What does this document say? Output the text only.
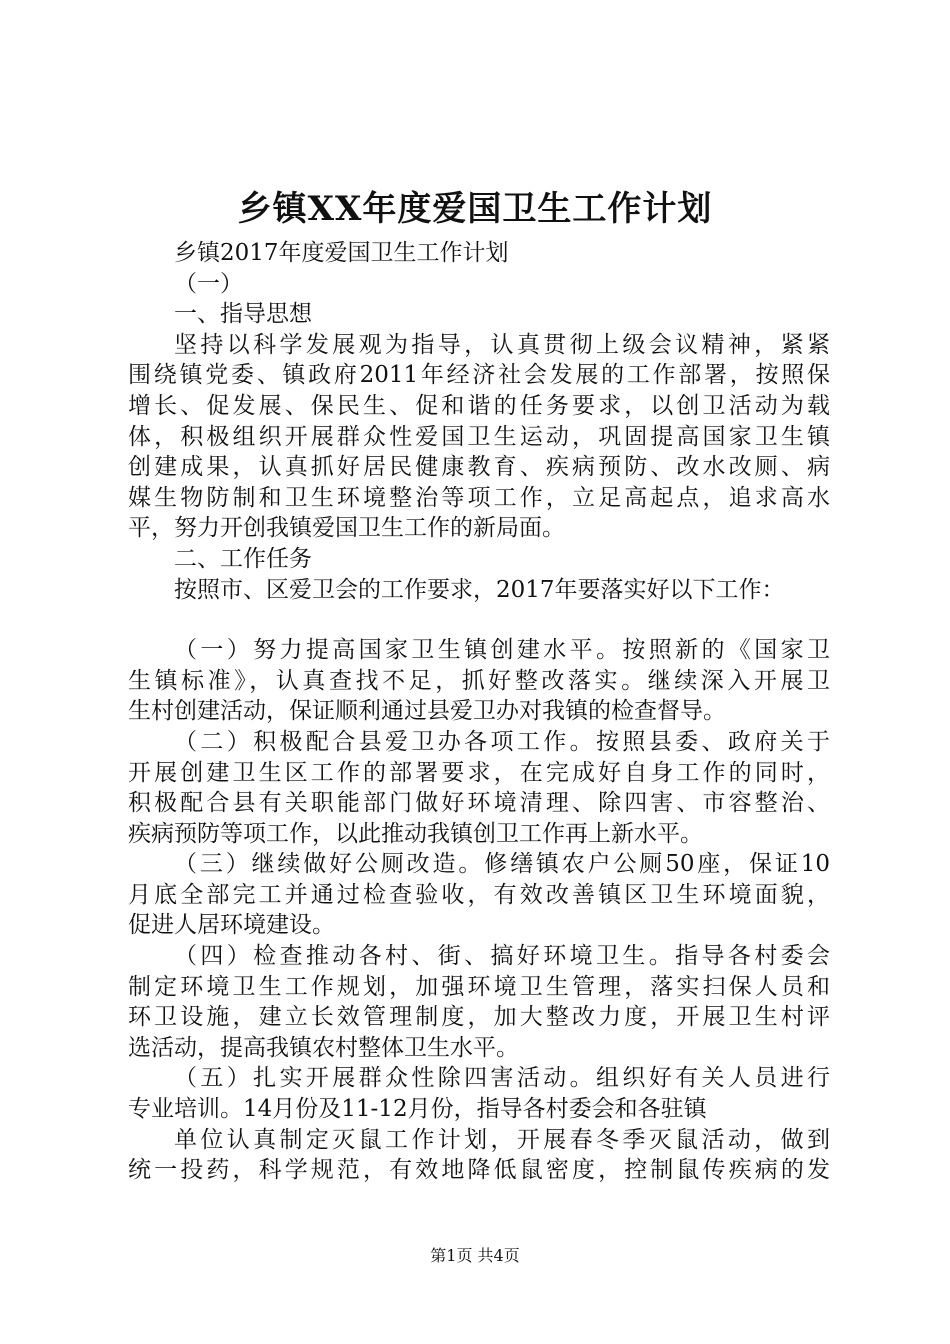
乡镇XX年度爱国卫生工作计划
乡镇2017年度爱国卫生工作计划
（一）
一、指导思想
坚持以科学发展观为指导，认真贯彻上级会议精神，紧紧
围绕镇党委、镇政府2011年经济社会发展的工作部署，按照保
增长、促发展、保民生、促和谐的任务要求，以创卫活动为载
体，积极组织开展群众性爱国卫生运动，巩固提高国家卫生镇
创建成果，认真抓好居民健康教育、疾病预防、改水改厕、病
媒生物防制和卫生环境整治等项工作，立足高起点，追求高水
平，努力开创我镇爱国卫生工作的新局面。
二、工作任务
按照市、区爱卫会的工作要求，2017年要落实好以下工作：
（一）努力提高国家卫生镇创建水平。按照新的《国家卫
生镇标准》，认真查找不足，抓好整改落实。继续深入开展卫
生村创建活动，保证顺利通过县爱卫办对我镇的检查督导。
（二）积极配合县爱卫办各项工作。按照县委、政府关于
开展创建卫生区工作的部署要求，在完成好自身工作的同时，
积极配合县有关职能部门做好环境清理、除四害、市容整治、
疾病预防等项工作，以此推动我镇创卫工作再上新水平。
（三）继续做好公厕改造。修缮镇农户公厕50座，保证10
月底全部完工并通过检查验收，有效改善镇区卫生环境面貌，
促进人居环境建设。
（四）检查推动各村、街、搞好环境卫生。指导各村委会
制定环境卫生工作规划，加强环境卫生管理，落实扫保人员和
环卫设施，建立长效管理制度，加大整改力度，开展卫生村评
选活动，提高我镇农村整体卫生水平。
（五）扎实开展群众性除四害活动。组织好有关人员进行
专业培训。14月份及11-12月份，指导各村委会和各驻镇
单位认真制定灭鼠工作计划，开展春冬季灭鼠活动，做到
统一投药，科学规范，有效地降低鼠密度，控制鼠传疾病的发
第1页 共4页
